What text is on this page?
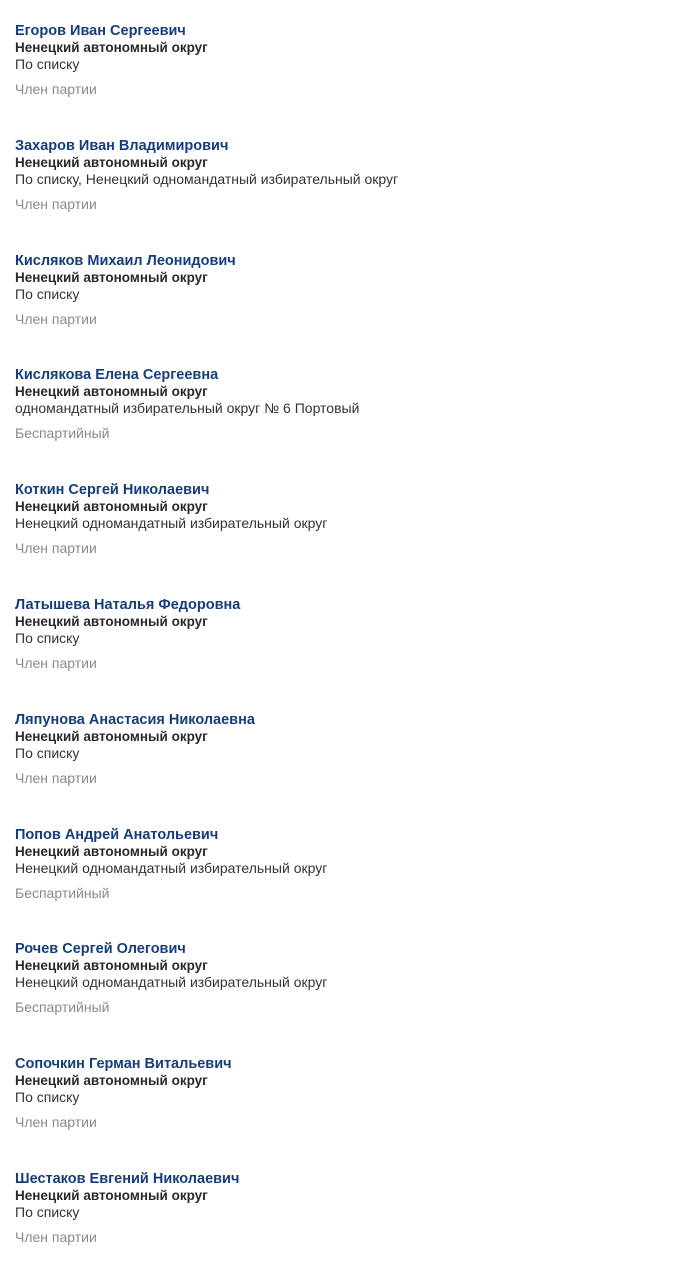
Егоров Иван Сергеевич
Ненецкий автономный округ
По списку
Член партии
Захаров Иван Владимирович
Ненецкий автономный округ
По списку, Ненецкий одномандатный избирательный округ
Член партии
Кисляков Михаил Леонидович
Ненецкий автономный округ
По списку
Член партии
Кислякова Елена Сергеевна
Ненецкий автономный округ
одномандатный избирательный округ № 6 Портовый
Беспартийный
Коткин Сергей Николаевич
Ненецкий автономный округ
Ненецкий одномандатный избирательный округ
Член партии
Латышева Наталья Федоровна
Ненецкий автономный округ
По списку
Член партии
Ляпунова Анастасия Николаевна
Ненецкий автономный округ
По списку
Член партии
Попов Андрей Анатольевич
Ненецкий автономный округ
Ненецкий одномандатный избирательный округ
Беспартийный
Рочев Сергей Олегович
Ненецкий автономный округ
Ненецкий одномандатный избирательный округ
Беспартийный
Сопочкин Герман Витальевич
Ненецкий автономный округ
По списку
Член партии
Шестаков Евгений Николаевич
Ненецкий автономный округ
По списку
Член партии
